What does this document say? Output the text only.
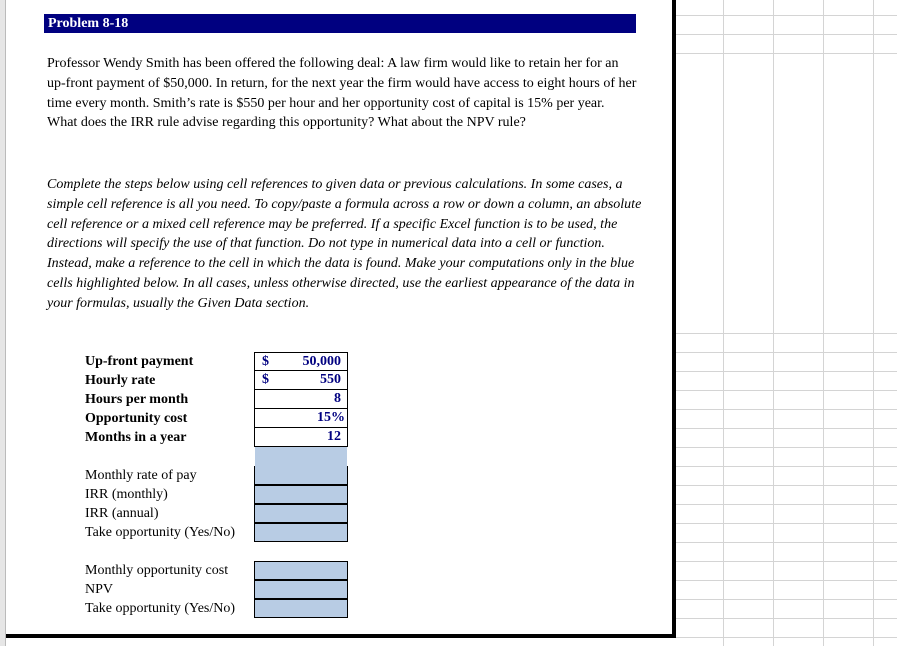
Problem 8-18
Professor Wendy Smith has been offered the following deal: A law firm would like to retain her for an up-front payment of $50,000. In return, for the next year the firm would have access to eight hours of her time every month. Smith’s rate is $550 per hour and her opportunity cost of capital is 15% per year. What does the IRR rule advise regarding this opportunity? What about the NPV rule?
Complete the steps below using cell references to given data or previous calculations. In some cases, a simple cell reference is all you need. To copy/paste a formula across a row or down a column, an absolute cell reference or a mixed cell reference may be preferred. If a specific Excel function is to be used, the directions will specify the use of that function. Do not type in numerical data into a cell or function. Instead, make a reference to the cell in which the data is found. Make your computations only in the blue cells highlighted below. In all cases, unless otherwise directed, use the earliest appearance of the data in your formulas, usually the Given Data section.
Up-front payment
Hourly rate
Hours per month
Opportunity cost
Months in a year
$ 50,000
$	550
8
15%
12
Monthly rate of pay
IRR (monthly)
IRR (annual)
Take opportunity (Yes/No)
Monthly opportunity cost
NPV
Take opportunity (Yes/No)
